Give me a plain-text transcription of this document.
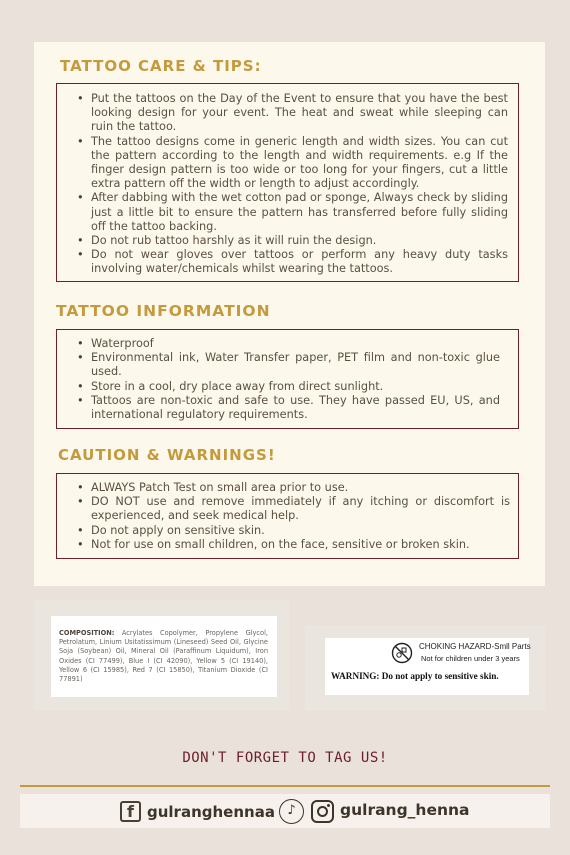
TATTOO CARE & TIPS:
• Put the tattoos on the Day of the Event to ensure that you have the best looking design for your event. The heat and sweat while sleeping can ruin the tattoo.
• The tattoo designs come in generic length and width sizes. You can cut the pattern according to the length and width requirements. e.g If the finger design pattern is too wide or too long for your fingers, cut a little extra pattern off the width or length to adjust accordingly.
• After dabbing with the wet cotton pad or sponge, Always check by sliding just a little bit to ensure the pattern has transferred before fully sliding off the tattoo backing.
• Do not rub tattoo harshly as it will ruin the design.
• Do not wear gloves over tattoos or perform any heavy duty tasks involving water/chemicals whilst wearing the tattoos.
TATTOO INFORMATION
• Waterproof
• Environmental ink, Water Transfer paper, PET film and non-toxic glue used.
• Store in a cool, dry place away from direct sunlight.
• Tattoos are non-toxic and safe to use. They have passed EU, US, and international regulatory requirements.
CAUTION & WARNINGS!
• ALWAYS Patch Test on small area prior to use.
• DO NOT use and remove immediately if any itching or discomfort is experienced, and seek medical help.
• Do not apply on sensitive skin.
• Not for use on small children, on the face, sensitive or broken skin.
COMPOSITION: Acrylates Copolymer, Propylene Glycol, Petrolatum, Linium Usitatissimum (Lineseed) Seed Oil, Glycine Soja (Soybean) Oil, Mineral Oil (Paraffinum Liquidum), Iron Oxides (CI 77499), Blue I (CI 42090), Yellow 5 (CI 19140), Yellow 6 (CI 15985), Red 7 (CI 15850), Titanium Dioxide (CI 77891)
CHOKING HAZARD-Smll Parts
Not for children under 3 years
WARNING: Do not apply to sensitive skin.
DON'T FORGET TO TAG US!
f gulranghennaa ♪	gulrang_henna
